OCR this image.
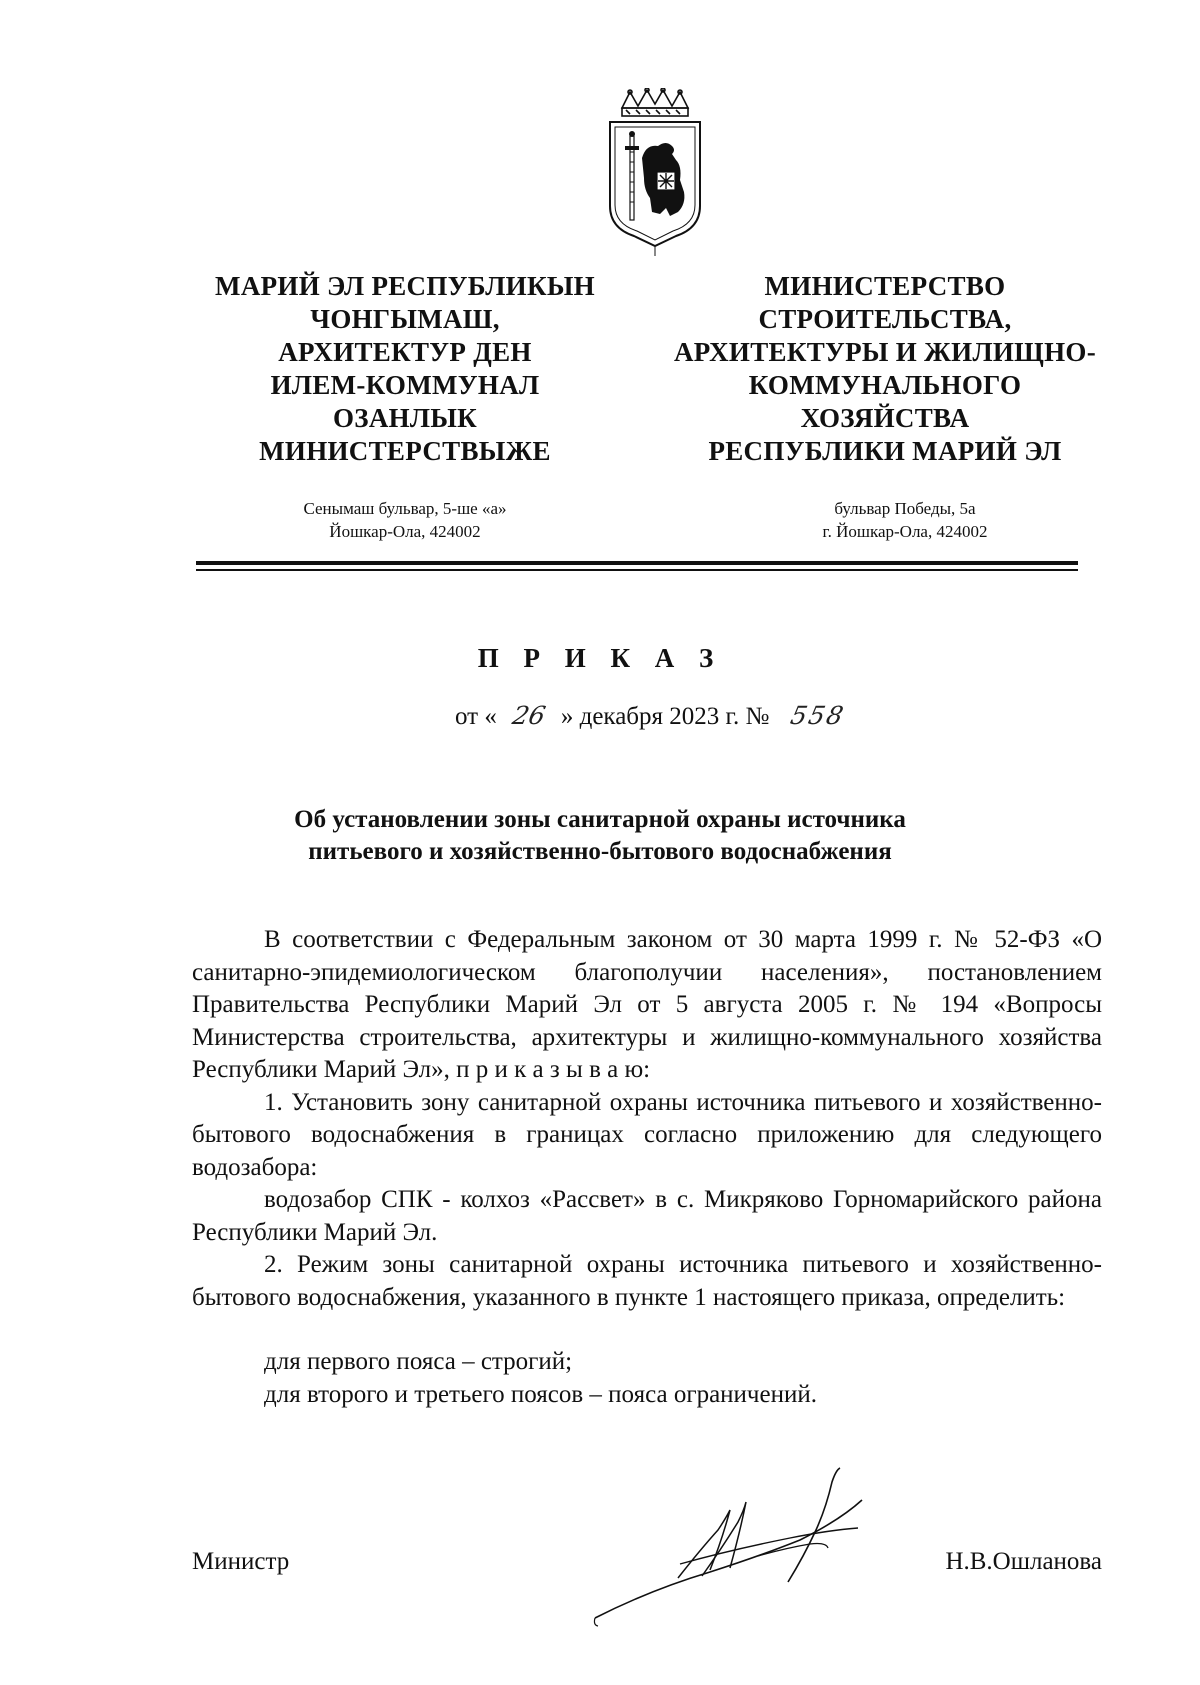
МАРИЙ ЭЛ РЕСПУБЛИКЫН
ЧОНГЫМАШ,
АРХИТЕКТУР ДЕН
ИЛЕМ-КОММУНАЛ
ОЗАНЛЫК
МИНИСТЕРСТВЫЖЕ
МИНИСТЕРСТВО
СТРОИТЕЛЬСТВА,
АРХИТЕКТУРЫ И ЖИЛИЩНО-
КОММУНАЛЬНОГО
ХОЗЯЙСТВА
РЕСПУБЛИКИ МАРИЙ ЭЛ
Сенымаш бульвар, 5-ше «а»
Йошкар-Ола, 424002
бульвар Победы, 5а
г. Йошкар-Ола, 424002
П Р И К А З
от « 26 » декабря 2023 г. № 558
Об установлении зоны санитарной охраны источника
питьевого и хозяйственно-бытового водоснабжения

В соответствии с Федеральным законом от 30 марта 1999 г. № 52-ФЗ «О санитарно-эпидемиологическом благополучии населения», постановлением Правительства Республики Марий Эл от 5 августа 2005 г. № 194 «Вопросы Министерства строительства, архитектуры и жилищно-коммунального хозяйства Республики Марий Эл», п р и к а з ы в а ю:

1. Установить зону санитарной охраны источника питьевого и хозяйственно-бытового водоснабжения в границах согласно приложению для следующего водозабора:

водозабор СПК - колхоз «Рассвет» в с. Микряково Горномарийского района Республики Марий Эл.

2. Режим зоны санитарной охраны источника питьевого и хозяйственно-бытового водоснабжения, указанного в пункте 1 настоящего приказа, определить:

для первого пояса – строгий;

для второго и третьего поясов – пояса ограничений.

Министр	Н.В.Ошланова
